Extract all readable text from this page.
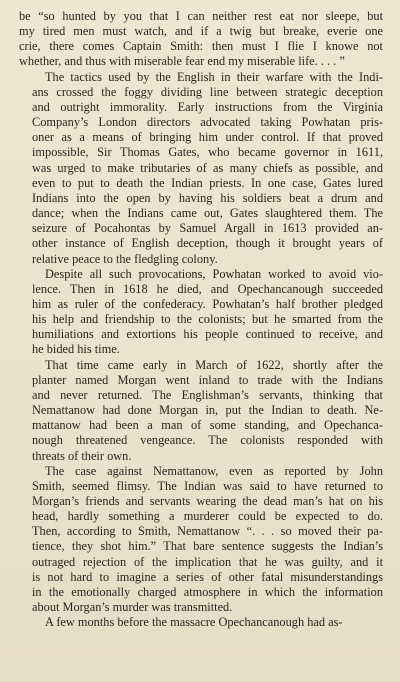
be “so hunted by you that I can neither rest eat nor sleepe, but
my tired men must watch, and if a twig but breake, everie one
crie, there comes Captain Smith: then must I flie I knowe not
whether, and thus with miserable fear end my miserable life. . . . ”
The tactics used by the English in their warfare with the Indi-
ans crossed the foggy dividing line between strategic deception
and outright immorality. Early instructions from the Virginia
Company’s London directors advocated taking Powhatan pris-
oner as a means of bringing him under control. If that proved
impossible, Sir Thomas Gates, who became governor in 1611,
was urged to make tributaries of as many chiefs as possible, and
even to put to death the Indian priests. In one case, Gates lured
Indians into the open by having his soldiers beat a drum and
dance; when the Indians came out, Gates slaughtered them. The
seizure of Pocahontas by Samuel Argall in 1613 provided an-
other instance of English deception, though it brought years of
relative peace to the fledgling colony.
Despite all such provocations, Powhatan worked to avoid vio-
lence. Then in 1618 he died, and Opechancanough succeeded
him as ruler of the confederacy. Powhatan’s half brother pledged
his help and friendship to the colonists; but he smarted from the
humiliations and extortions his people continued to receive, and
he bided his time.
That time came early in March of 1622, shortly after the
planter named Morgan went inland to trade with the Indians
and never returned. The Englishman’s servants, thinking that
Nemattanow had done Morgan in, put the Indian to death. Ne-
mattanow had been a man of some standing, and Opechanca-
nough threatened vengeance. The colonists responded with
threats of their own.
The case against Nemattanow, even as reported by John
Smith, seemed flimsy. The Indian was said to have returned to
Morgan’s friends and servants wearing the dead man’s hat on his
head, hardly something a murderer could be expected to do.
Then, according to Smith, Nemattanow “. . . so moved their pa-
tience, they shot him.” That bare sentence suggests the Indian’s
outraged rejection of the implication that he was guilty, and it
is not hard to imagine a series of other fatal misunderstandings
in the emotionally charged atmosphere in which the information
about Morgan’s murder was transmitted.
A few months before the massacre Opechancanough had as-
